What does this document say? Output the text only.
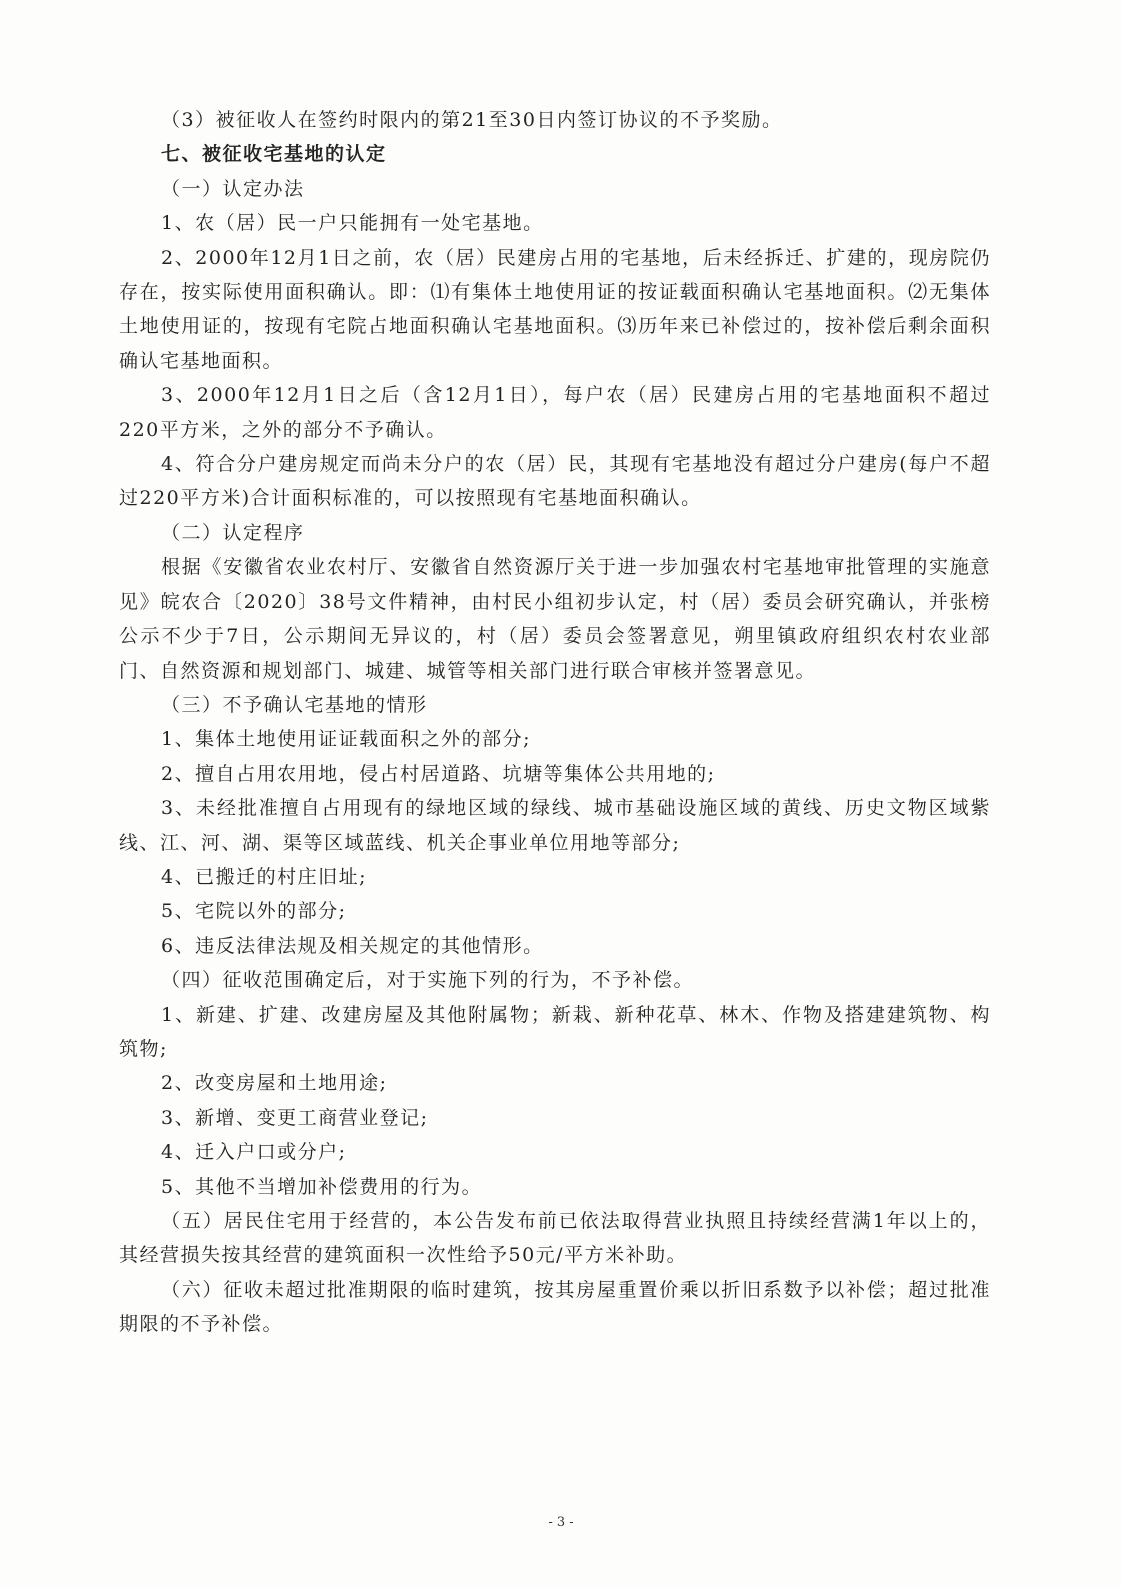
（3）被征收人在签约时限内的第21至30日内签订协议的不予奖励。

七、被征收宅基地的认定

（一）认定办法

1、农（居）民一户只能拥有一处宅基地。

2、2000年12月1日之前，农（居）民建房占用的宅基地，后未经拆迁、扩建的，现房院仍存在，按实际使用面积确认。即：⑴有集体土地使用证的按证载面积确认宅基地面积。⑵无集体土地使用证的，按现有宅院占地面积确认宅基地面积。⑶历年来已补偿过的，按补偿后剩余面积确认宅基地面积。

3、2000年12月1日之后（含12月1日），每户农（居）民建房占用的宅基地面积不超过220平方米，之外的部分不予确认。

4、符合分户建房规定而尚未分户的农（居）民，其现有宅基地没有超过分户建房(每户不超过220平方米)合计面积标准的，可以按照现有宅基地面积确认。

（二）认定程序

根据《安徽省农业农村厅、安徽省自然资源厅关于进一步加强农村宅基地审批管理的实施意见》皖农合〔2020〕38号文件精神，由村民小组初步认定，村（居）委员会研究确认，并张榜公示不少于7日，公示期间无异议的，村（居）委员会签署意见，朔里镇政府组织农村农业部门、自然资源和规划部门、城建、城管等相关部门进行联合审核并签署意见。

（三）不予确认宅基地的情形

1、集体土地使用证证载面积之外的部分;

2、擅自占用农用地，侵占村居道路、坑塘等集体公共用地的;

3、未经批准擅自占用现有的绿地区域的绿线、城市基础设施区域的黄线、历史文物区域紫线、江、河、湖、渠等区域蓝线、机关企事业单位用地等部分;

4、已搬迁的村庄旧址;

5、宅院以外的部分;

6、违反法律法规及相关规定的其他情形。

（四）征收范围确定后，对于实施下列的行为，不予补偿。

1、新建、扩建、改建房屋及其他附属物；新栽、新种花草、林木、作物及搭建建筑物、构筑物;

2、改变房屋和土地用途;

3、新增、变更工商营业登记;

4、迁入户口或分户;

5、其他不当增加补偿费用的行为。

（五）居民住宅用于经营的，本公告发布前已依法取得营业执照且持续经营满1年以上的，其经营损失按其经营的建筑面积一次性给予50元/平方米补助。

（六）征收未超过批准期限的临时建筑，按其房屋重置价乘以折旧系数予以补偿；超过批准期限的不予补偿。

- 3 -
